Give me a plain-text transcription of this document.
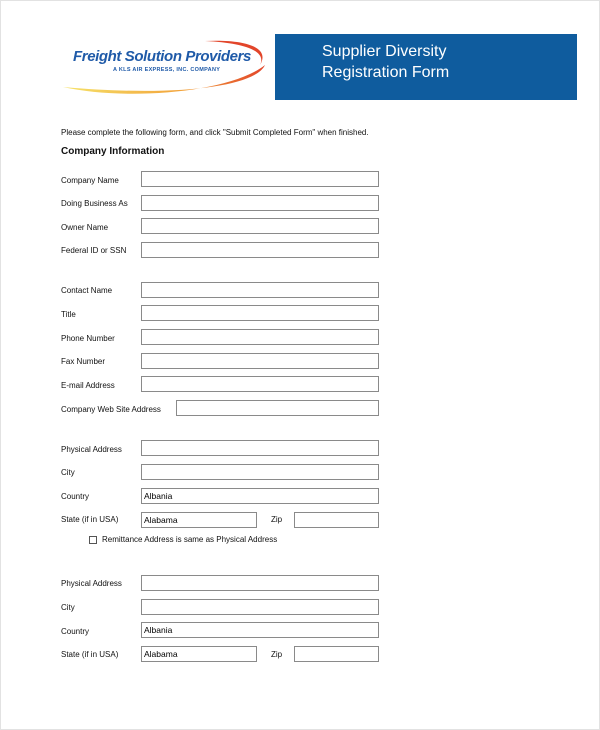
Freight Solution Providers
A KLS AIR EXPRESS, INC. COMPANY
Supplier Diversity
Registration Form
Please complete the following form, and click "Submit Completed Form" when finished.
Company Information
Company Name
Doing Business As
Owner Name
Federal ID or SSN
Contact Name
Title
Phone Number
Fax Number
E-mail Address
Company Web Site Address
Physical Address
City
Country	Albania
State (if in USA)	Alabama	Zip
Remittance Address is same as Physical Address
Physical Address
City
Country	Albania
State (if in USA)	Alabama	Zip
